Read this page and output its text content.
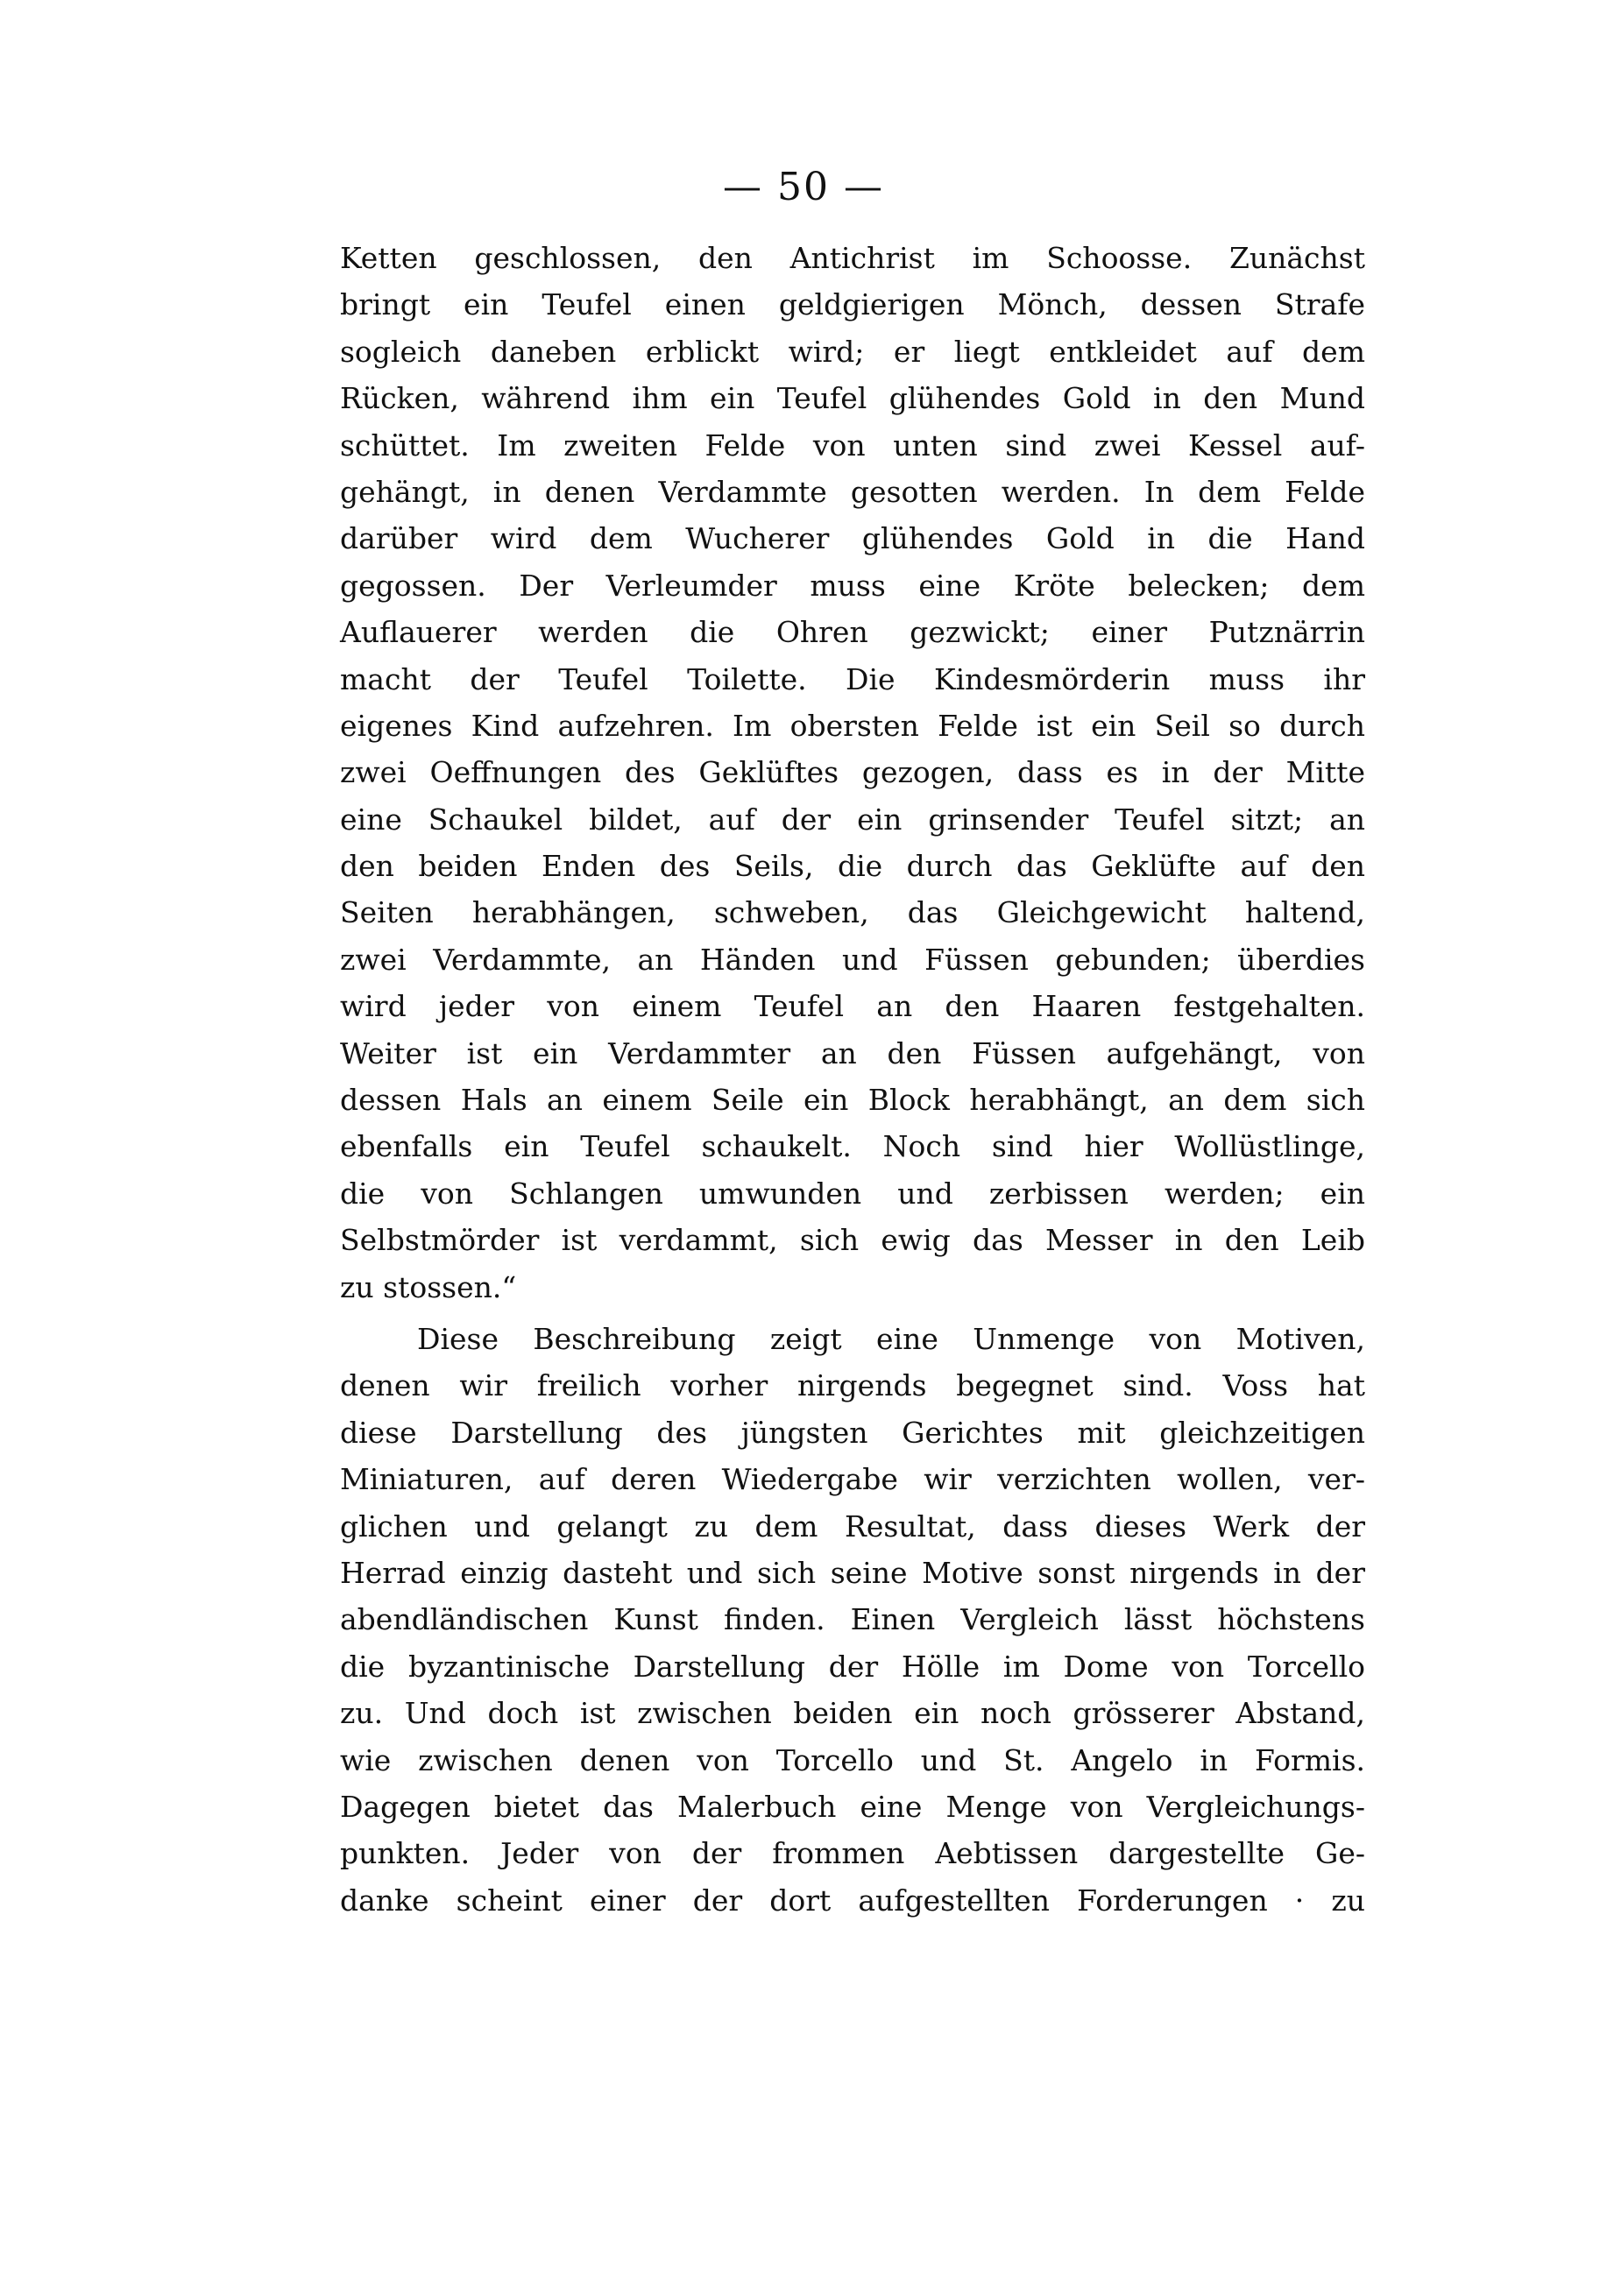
— 50 —
Ketten geschlossen, den Antichrist im Schoosse. Zunächst
bringt ein Teufel einen geldgierigen Mönch, dessen Strafe
sogleich daneben erblickt wird; er liegt entkleidet auf dem
Rücken, während ihm ein Teufel glühendes Gold in den Mund
schüttet. Im zweiten Felde von unten sind zwei Kessel auf-
gehängt, in denen Verdammte gesotten werden. In dem Felde
darüber wird dem Wucherer glühendes Gold in die Hand
gegossen. Der Verleumder muss eine Kröte belecken; dem
Auflauerer werden die Ohren gezwickt; einer Putznärrin
macht der Teufel Toilette. Die Kindesmörderin muss ihr
eigenes Kind aufzehren. Im obersten Felde ist ein Seil so durch
zwei Oeffnungen des Geklüftes gezogen, dass es in der Mitte
eine Schaukel bildet, auf der ein grinsender Teufel sitzt; an
den beiden Enden des Seils, die durch das Geklüfte auf den
Seiten herabhängen, schweben, das Gleichgewicht haltend,
zwei Verdammte, an Händen und Füssen gebunden; überdies
wird jeder von einem Teufel an den Haaren festgehalten.
Weiter ist ein Verdammter an den Füssen aufgehängt, von
dessen Hals an einem Seile ein Block herabhängt, an dem sich
ebenfalls ein Teufel schaukelt. Noch sind hier Wollüstlinge,
die von Schlangen umwunden und zerbissen werden; ein
Selbstmörder ist verdammt, sich ewig das Messer in den Leib
zu stossen.“
Diese Beschreibung zeigt eine Unmenge von Motiven,
denen wir freilich vorher nirgends begegnet sind. Voss hat
diese Darstellung des jüngsten Gerichtes mit gleichzeitigen
Miniaturen, auf deren Wiedergabe wir verzichten wollen, ver-
glichen und gelangt zu dem Resultat, dass dieses Werk der
Herrad einzig dasteht und sich seine Motive sonst nirgends in der
abendländischen Kunst finden. Einen Vergleich lässt höchstens
die byzantinische Darstellung der Hölle im Dome von Torcello
zu. Und doch ist zwischen beiden ein noch grösserer Abstand,
wie zwischen denen von Torcello und St. Angelo in Formis.
Dagegen bietet das Malerbuch eine Menge von Vergleichungs-
punkten. Jeder von der frommen Aebtissen dargestellte Ge-
danke scheint einer der dort aufgestellten Forderungen · zu
